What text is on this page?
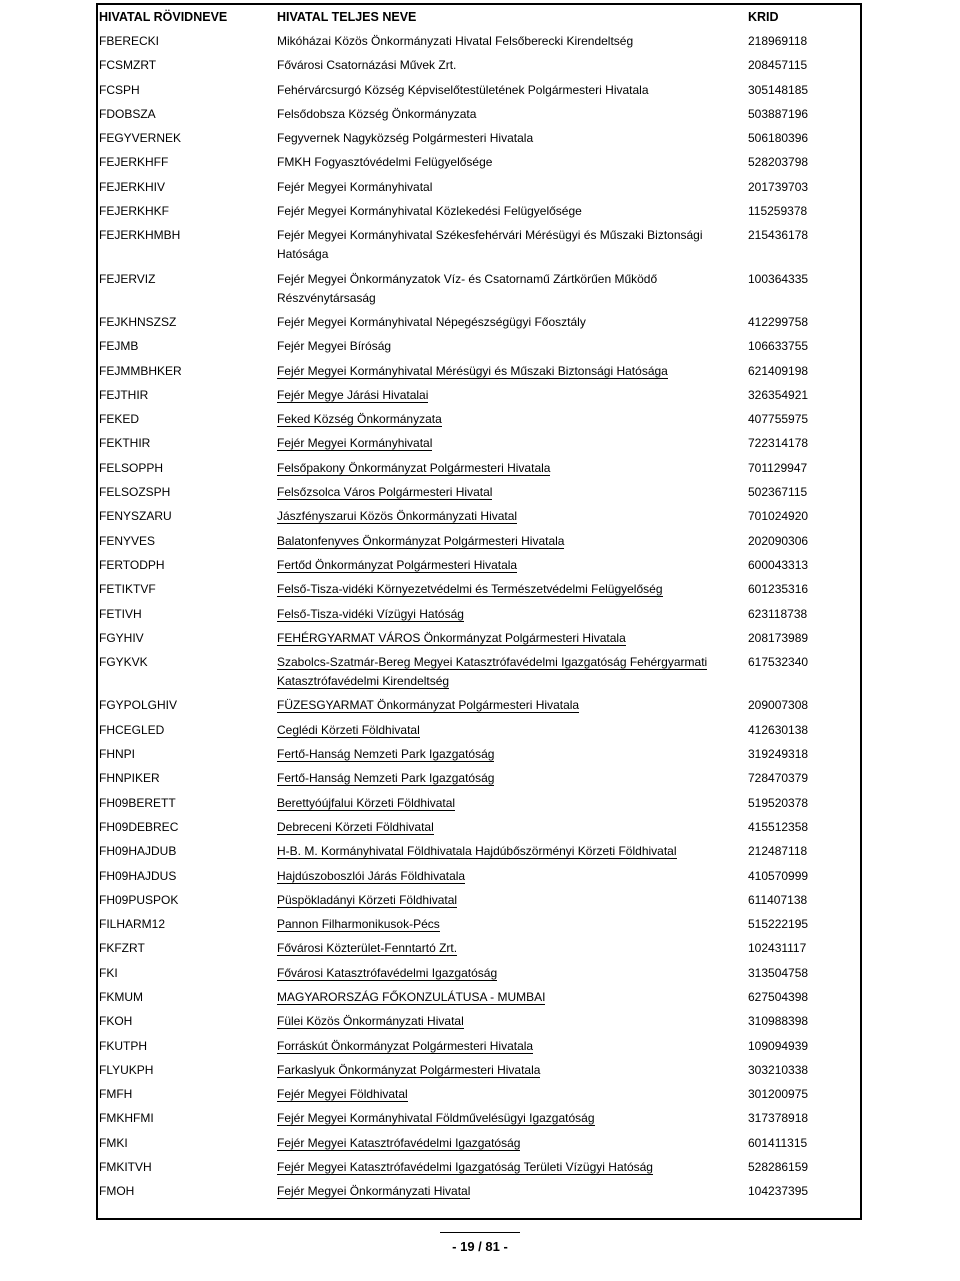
HIVATAL RÖVIDNEVE	HIVATAL TELJES NEVE	KRID

FBERECKI	Mikóházai Közös Önkormányzati Hivatal Felsőberecki Kirendeltség	218969118

FCSMZRT	Fővárosi Csatornázási Művek Zrt.	208457115

FCSPH	Fehérvárcsurgó Község Képviselőtestületének Polgármesteri Hivatala	305148185

FDOBSZA	Felsődobsza Község Önkormányzata	503887196

FEGYVERNEK	Fegyvernek Nagyközség Polgármesteri Hivatala	506180396

FEJERKHFF	FMKH Fogyasztóvédelmi Felügyelősége	528203798

FEJERKHIV	Fejér Megyei Kormányhivatal	201739703

FEJERKHKF	Fejér Megyei Kormányhivatal Közlekedési Felügyelősége	115259378

FEJERKHMBH	Fejér Megyei Kormányhivatal Székesfehérvári Mérésügyi és Műszaki Biztonsági Hatósága	215436178

FEJERVIZ	Fejér Megyei Önkormányzatok Víz- és Csatornamű Zártkörűen Működő Részvénytársaság	100364335

FEJKHNSZSZ	Fejér Megyei Kormányhivatal Népegészségügyi Főosztály	412299758

FEJMB	Fejér Megyei Bíróság	106633755

FEJMMBHKER	Fejér Megyei Kormányhivatal Mérésügyi és Műszaki Biztonsági Hatósága	621409198

FEJTHIR	Fejér Megye Járási Hivatalai	326354921

FEKED	Feked Község Önkormányzata	407755975

FEKTHIR	Fejér Megyei Kormányhivatal	722314178

FELSOPPH	Felsőpakony Önkormányzat Polgármesteri Hivatala	701129947

FELSOZSPH	Felsőzsolca Város Polgármesteri Hivatal	502367115

FENYSZARU	Jászfényszarui Közös Önkormányzati Hivatal	701024920

FENYVES	Balatonfenyves Önkormányzat Polgármesteri Hivatala	202090306

FERTODPH	Fertőd Önkormányzat Polgármesteri Hivatala	600043313

FETIKTVF	Felső-Tisza-vidéki Környezetvédelmi és Természetvédelmi Felügyelőség	601235316

FETIVH	Felső-Tisza-vidéki Vízügyi Hatóság	623118738

FGYHIV	FEHÉRGYARMAT VÁROS Önkormányzat Polgármesteri Hivatala	208173989

FGYKVK	Szabolcs-Szatmár-Bereg Megyei Katasztrófavédelmi Igazgatóság Fehérgyarmati Katasztrófavédelmi Kirendeltség	617532340

FGYPOLGHIV	FÜZESGYARMAT Önkormányzat Polgármesteri Hivatala	209007308

FHCEGLED	Ceglédi Körzeti Földhivatal	412630138

FHNPI	Fertő-Hanság Nemzeti Park Igazgatóság	319249318

FHNPIKER	Fertő-Hanság Nemzeti Park Igazgatóság	728470379

FH09BERETT	Berettyóújfalui Körzeti Földhivatal	519520378

FH09DEBREC	Debreceni Körzeti Földhivatal	415512358

FH09HAJDUB	H-B. M. Kormányhivatal Földhivatala Hajdúbőszörményi Körzeti Földhivatal	212487118

FH09HAJDUS	Hajdúszoboszlói Járás Földhivatala	410570999

FH09PUSPOK	Püspökladányi Körzeti Földhivatal	611407138

FILHARM12	Pannon Filharmonikusok-Pécs	515222195

FKFZRT	Fővárosi Közterület-Fenntartó Zrt.	102431117

FKI	Fővárosi Katasztrófavédelmi Igazgatóság	313504758

FKMUM	MAGYARORSZÁG FŐKONZULÁTUSA - MUMBAI	627504398

FKOH	Fülei Közös Önkormányzati Hivatal	310988398

FKUTPH	Forráskút Önkormányzat Polgármesteri Hivatala	109094939

FLYUKPH	Farkaslyuk Önkormányzat Polgármesteri Hivatala	303210338

FMFH	Fejér Megyei Földhivatal	301200975

FMKHFMI	Fejér Megyei Kormányhivatal Földművelésügyi Igazgatóság	317378918

FMKI	Fejér Megyei Katasztrófavédelmi Igazgatóság	601411315

FMKITVH	Fejér Megyei Katasztrófavédelmi Igazgatóság Területi Vízügyi Hatóság	528286159

FMOH	Fejér Megyei Önkormányzati Hivatal	104237395
- 19 / 81 -
